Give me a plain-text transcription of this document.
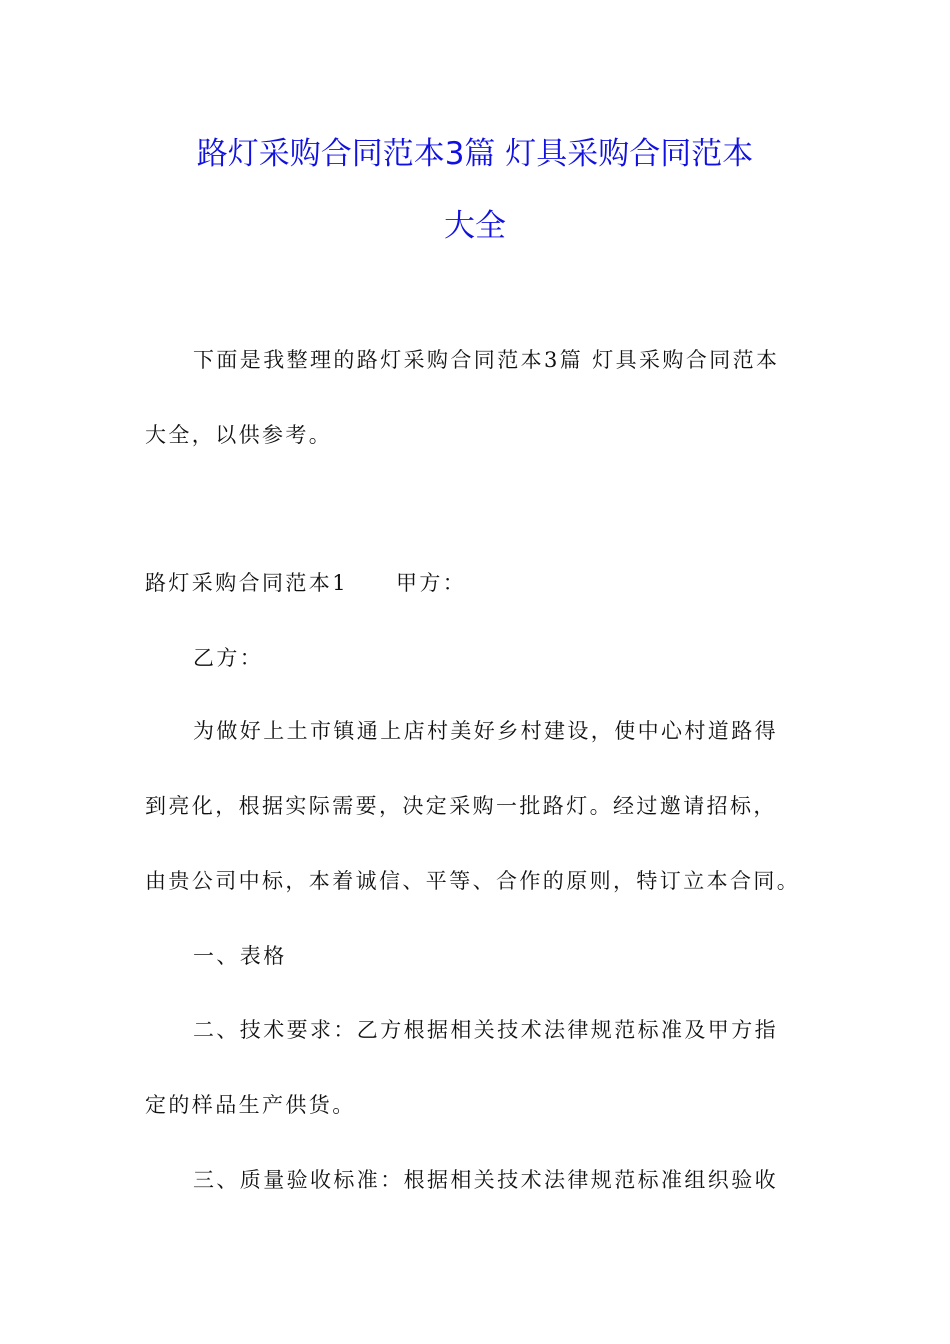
路灯采购合同范本3篇 灯具采购合同范本
大全
下面是我整理的路灯采购合同范本3篇 灯具采购合同范本
大全，以供参考。
路灯采购合同范本1 甲方：
乙方：
为做好上土市镇通上店村美好乡村建设，使中心村道路得
到亮化，根据实际需要，决定采购一批路灯。经过邀请招标，
由贵公司中标，本着诚信、平等、合作的原则，特订立本合同。
一、表格
二、技术要求：乙方根据相关技术法律规范标准及甲方指
定的样品生产供货。
三、质量验收标准：根据相关技术法律规范标准组织验收
